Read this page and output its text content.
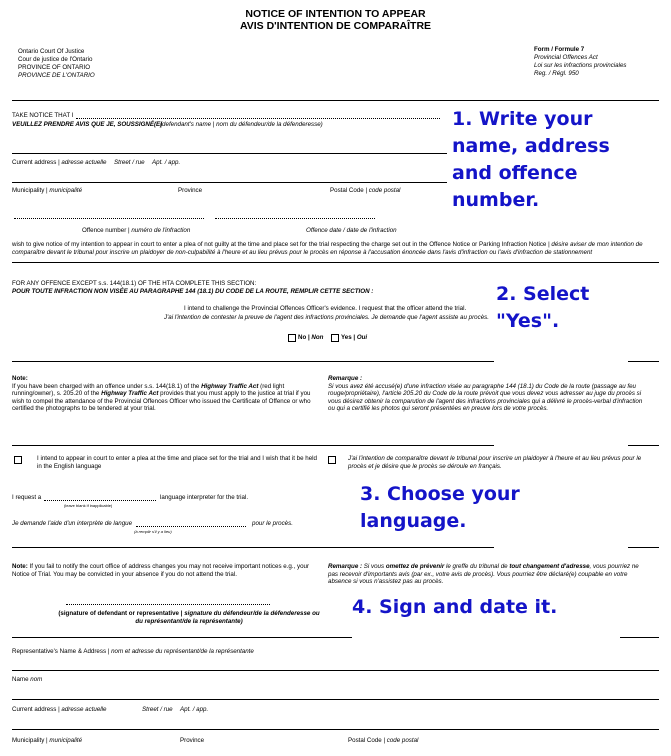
NOTICE OF INTENTION TO APPEAR
AVIS D'INTENTION DE COMPARAÎTRE
Ontario Court Of Justice
Cour de justice de l'Ontario
PROVINCE OF ONTARIO
PROVINCE DE L'ONTARIO
Form / Formule 7
Provincial Offences Act
Loi sur les infractions provinciales
Reg. / Régl. 950
TAKE NOTICE THAT I
VEUILLEZ PRENDRE AVIS QUE JE, SOUSSIGNÉ(E)
(defendant's name | nom du défendeur/de la défenderesse)
Current address | adresse actuelle Street / rue Apt. / app.
Municipality | municipalité	Province	Postal Code | code postal
Offence number | numéro de l'infraction	Offence date / date de l'infraction
wish to give notice of my intention to appear in court to enter a plea of not guilty at the time and place set for the trial respecting the charge set out in the Offence Notice or Parking Infraction Notice | désire aviser de mon intention de comparaître devant le tribunal pour inscrire un plaidoyer de non-culpabilité à l'heure et au lieu prévus pour le procès en réponse à l'accusation énoncée dans l'avis d'infraction ou l'avis d'infraction de stationnement
FOR ANY OFFENCE EXCEPT s.s. 144(18.1) OF THE HTA COMPLETE THIS SECTION:
POUR TOUTE INFRACTION NON VISÉE AU PARAGRAPHE 144 (18.1) DU CODE DE LA ROUTE, REMPLIR CETTE SECTION :
I intend to challenge the Provincial Offences Officer's evidence. I request that the officer attend the trial.
J'ai l'intention de contester la preuve de l'agent des infractions provinciales. Je demande que l'agent assiste au procès.
No | Non	Yes | Oui
Note:
If you have been charged with an offence under s.s. 144(18.1) of the Highway Traffic Act (red light running/owner), s. 205.20 of the Highway Traffic Act provides that you must apply to the justice at trial if you wish to compel the attendance of the Provincial Offences Officer who issued the Certificate of Offence or who certified the photographs to be tendered at your trial.
Remarque :
Si vous avez été accusé(e) d'une infraction visée au paragraphe 144 (18.1) du Code de la route (passage au feu rouge/propriétaire), l'article 205.20 du Code de la route prévoit que vous devez vous adresser au juge du procès si vous désirez obtenir la comparution de l'agent des infractions provinciales qui a délivré le procès-verbal d'infraction ou qui a certifié les photos qui seront présentées en preuve lors de votre procès.
I intend to appear in court to enter a plea at the time and place set for the trial and I wish that it be held in the English language
J'ai l'intention de comparaître devant le tribunal pour inscrire un plaidoyer à l'heure et au lieu prévus pour le procès et je désire que le procès se déroule en français.
I request a	language interpreter for the trial.
(leave blank if inapplicable)
Je demande l'aide d'un interprète de langue	pour le procès.
(à remplir s'il y a lieu)
Note: If you fail to notify the court office of address changes you may not receive important notices e.g., your Notice of Trial. You may be convicted in your absence if you do not attend the trial.
Remarque : Si vous omettez de prévenir le greffe du tribunal de tout changement d'adresse, vous pourriez ne pas recevoir d'importants avis (par ex., votre avis de procès). Vous pourriez être déclaré(e) coupable en votre absence si vous n'assistez pas au procès.
(signature of defendant or representative | signature du défendeur/de la défenderesse ou du représentant/de la représentante)
Representative's Name & Address | nom et adresse du représentant/de la représentante
Name nom
Current address | adresse actuelle	Street / rue Apt. / app.
Municipality | municipalité	Province	Postal Code | code postal
1. Write your
name, address
and offence
number.
2. Select
"Yes".
3. Choose your
language.
4. Sign and date it.
